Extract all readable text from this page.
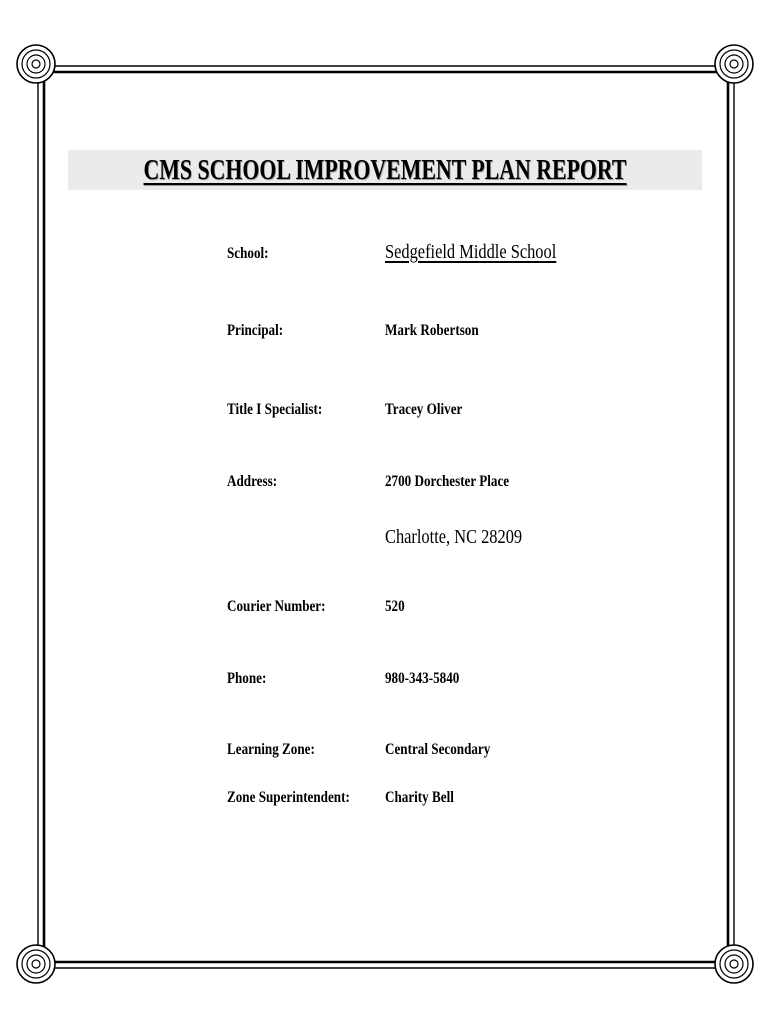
CMS SCHOOL IMPROVEMENT PLAN REPORT
School:	Sedgefield Middle School
Principal:	Mark Robertson
Title I Specialist:	Tracey Oliver
Address:	2700 Dorchester Place
Charlotte, NC 28209
Courier Number:	520
Phone:	980-343-5840
Learning Zone:	Central Secondary
Zone Superintendent: Charity Bell
